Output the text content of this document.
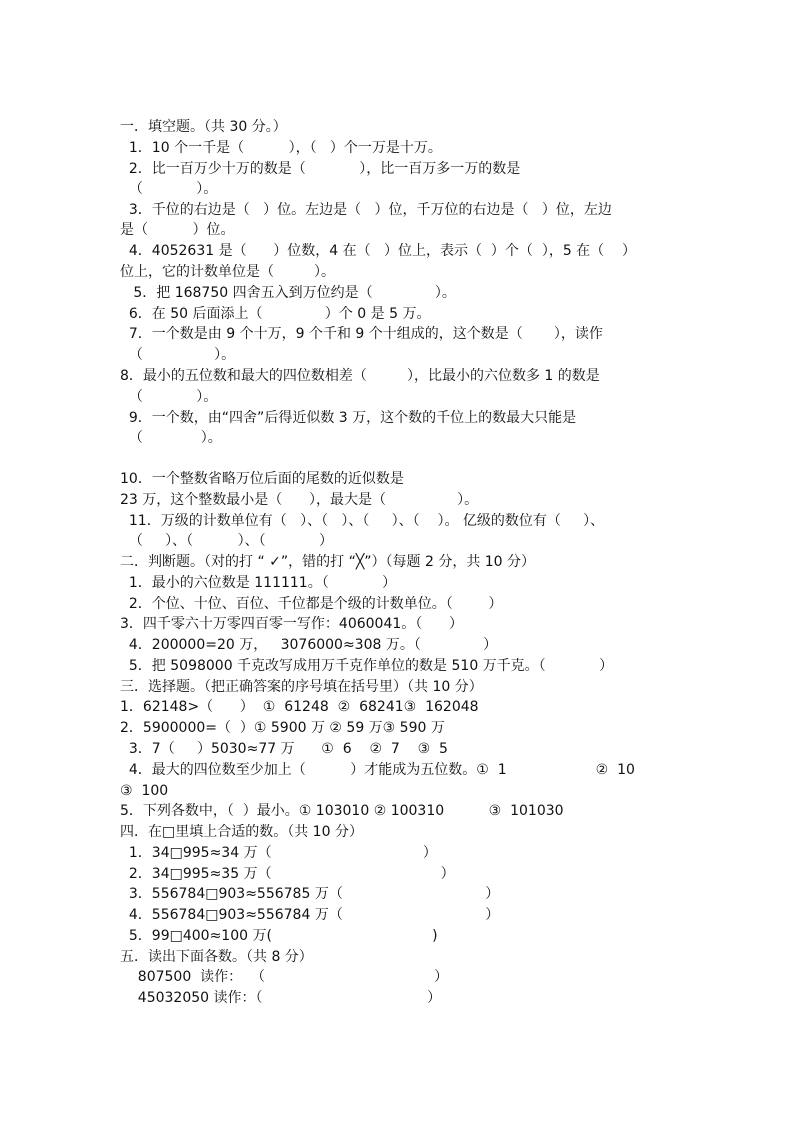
一．填空题。（共 30 分。）
1．10 个一千是（          ），（   ）个一万是十万。
2．比一百万少十万的数是（            ），比一百万多一万的数是
（            ）。
3．千位的右边是（   ）位。左边是（   ）位，千万位的右边是（   ）位，左边
是（          ）位。
4．4052631 是（      ）位数，4 在（   ）位上，表示（  ）个（  ），5 在（    ）
位上，它的计数单位是（         ）。
5．把 168750 四舍五入到万位约是（              ）。
6．在 50 后面添上（              ）个 0 是 5 万。
7．一个数是由 9 个十万，9 个千和 9 个十组成的，这个数是（       ），读作
（                ）。
8．最小的五位数和最大的四位数相差（         ），比最小的六位数多 1 的数是
（            ）。
9．一个数，由“四舍”后得近似数 3 万，这个数的千位上的数最大只能是
（             ）。
10．一个整数省略万位后面的尾数的近似数是
23 万，这个整数最小是（      ），最大是（                ）。
11．万级的计数单位有（   ）、（   ）、（     ）、（    ）。 亿级的数位有（     ）、
（     ）、（          ）、（            ）
二．判断题。（对的打 “ ✓”，错的打 “╳”）（每题 2 分，共 10 分）
1．最小的六位数是 111111。（            ）
2．个位、十位、百位、千位都是个级的计数单位。（        ）
3．四千零六十万零四百零一写作：4060041。（      ）
4．200000=20 万，   3076000≈308 万。（              ）
5．把 5098000 千克改写成用万千克作单位的数是 510 万千克。（            ）
三．选择题。（把正确答案的序号填在括号里）（共 10 分）
1．62148>（      ）  ①  61248  ②  68241③  162048
2．5900000=（  ）① 5900 万 ② 59 万③ 590 万
3．7（     ）5030≈77 万      ①  6    ②  7    ③  5
4．最大的四位数至少加上（          ）才能成为五位数。①  1                    ②  10
③  100
5．下列各数中，（  ）最小。① 103010 ② 100310          ③  101030
四．在□里填上合适的数。（共 10 分）
1．34□995≈34 万（                                  ）
2．34□995≈35 万（                                      ）
3．556784□903≈556785 万（                                ）
4．556784□903≈556784 万（                                ）
5．99□400≈100 万(                                    )
五．读出下面各数。（共 8 分）
807500  读作：  （                                      ）
45032050 读作：（                                     ）
